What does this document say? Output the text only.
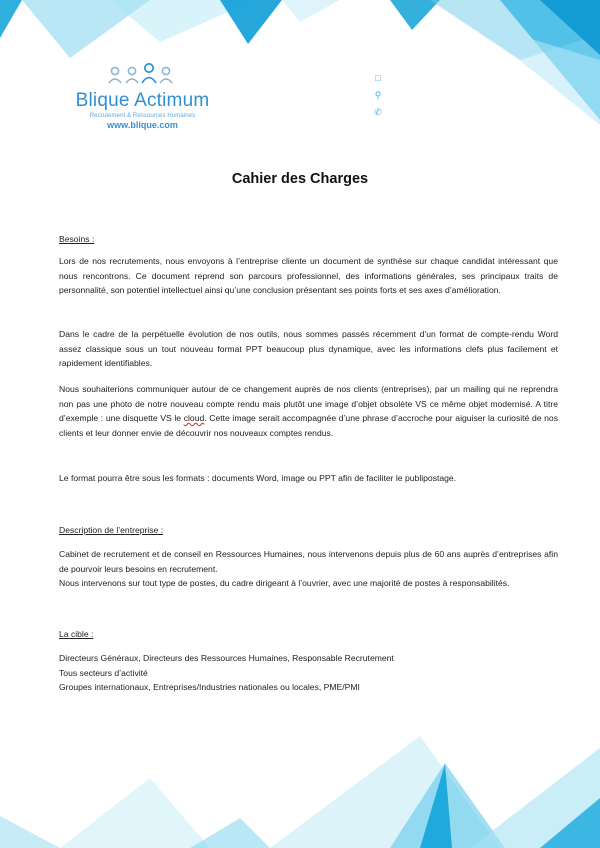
Blique Actimum
Recrutement & Ressources Humaines
www.blique.com
□
⚲
✆
Cahier des Charges

Besoins :

Lors de nos recrutements, nous envoyons à l’entreprise cliente un document de synthèse sur chaque candidat intéressant que nous rencontrons. Ce document reprend son parcours professionnel, des informations générales, ses principaux traits de personnalité, son potentiel intellectuel ainsi qu’une conclusion présentant ses points forts et ses axes d’amélioration.

Dans le cadre de la perpétuelle évolution de nos outils, nous sommes passés récemment d’un format de compte-rendu Word assez classique sous un tout nouveau format PPT beaucoup plus dynamique, avec les informations clefs plus facilement et rapidement identifiables.

Nous souhaiterions communiquer autour de ce changement auprès de nos clients (entreprises), par un mailing qui ne reprendra non pas une photo de notre nouveau compte rendu mais plutôt une image d’objet obsolète VS ce même objet modernisé. A titre d’exemple : une disquette VS le cloud. Cette image serait accompagnée d’une phrase d’accroche pour aiguiser la curiosité de nos clients et leur donner envie de découvrir nos nouveaux comptes rendus.

Le format pourra être sous les formats : documents Word, image ou PPT afin de faciliter le publipostage.

Description de l’entreprise :

Cabinet de recrutement et de conseil en Ressources Humaines, nous intervenons depuis plus de 60 ans auprès d’entreprises afin de pourvoir leurs besoins en recrutement.

Nous intervenons sur tout type de postes, du cadre dirigeant à l’ouvrier, avec une majorité de postes à responsabilités.

La cible :

Directeurs Généraux, Directeurs des Ressources Humaines, Responsable Recrutement

Tous secteurs d’activité

Groupes internationaux, Entreprises/Industries nationales ou locales, PME/PMI
